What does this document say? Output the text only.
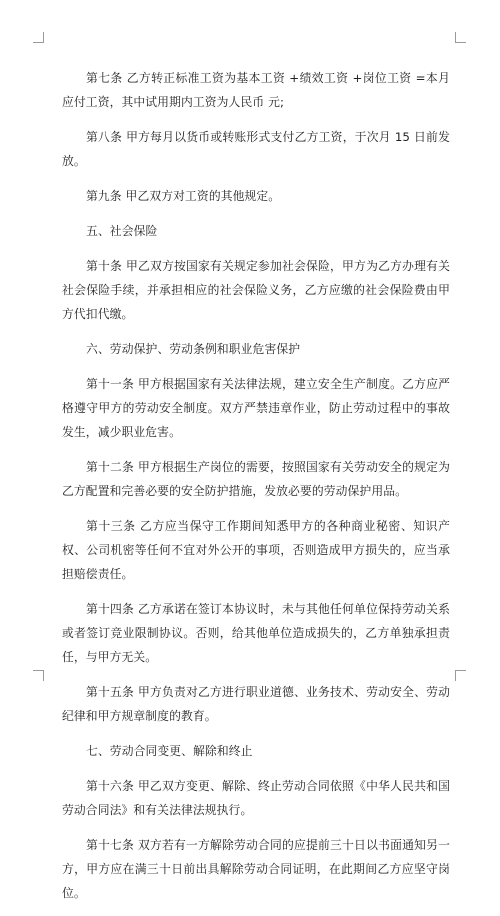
第七条 乙方转正标准工资为基本工资 +绩效工资 +岗位工资 =本月应付工资，其中试用期内工资为人民币 元;

第八条 甲方每月以货币或转账形式支付乙方工资，于次月 15 日前发放。

第九条 甲乙双方对工资的其他规定。

五、社会保险

第十条 甲乙双方按国家有关规定参加社会保险，甲方为乙方办理有关社会保险手续，并承担相应的社会保险义务，乙方应缴的社会保险费由甲方代扣代缴。

六、劳动保护、劳动条例和职业危害保护

第十一条 甲方根据国家有关法律法规，建立安全生产制度。乙方应严格遵守甲方的劳动安全制度。双方严禁违章作业，防止劳动过程中的事故发生，减少职业危害。

第十二条 甲方根据生产岗位的需要，按照国家有关劳动安全的规定为乙方配置和完善必要的安全防护措施，发放必要的劳动保护用品。

第十三条 乙方应当保守工作期间知悉甲方的各种商业秘密、知识产权、公司机密等任何不宜对外公开的事项，否则造成甲方损失的，应当承担赔偿责任。

第十四条 乙方承诺在签订本协议时，未与其他任何单位保持劳动关系或者签订竞业限制协议。否则，给其他单位造成损失的，乙方单独承担责任，与甲方无关。

第十五条 甲方负责对乙方进行职业道德、业务技术、劳动安全、劳动纪律和甲方规章制度的教育。

七、劳动合同变更、解除和终止

第十六条 甲乙双方变更、解除、终止劳动合同依照《中华人民共和国劳动合同法》和有关法律法规执行。

第十七条 双方若有一方解除劳动合同的应提前三十日以书面通知另一方，甲方应在满三十日前出具解除劳动合同证明，在此期间乙方应坚守岗位。
